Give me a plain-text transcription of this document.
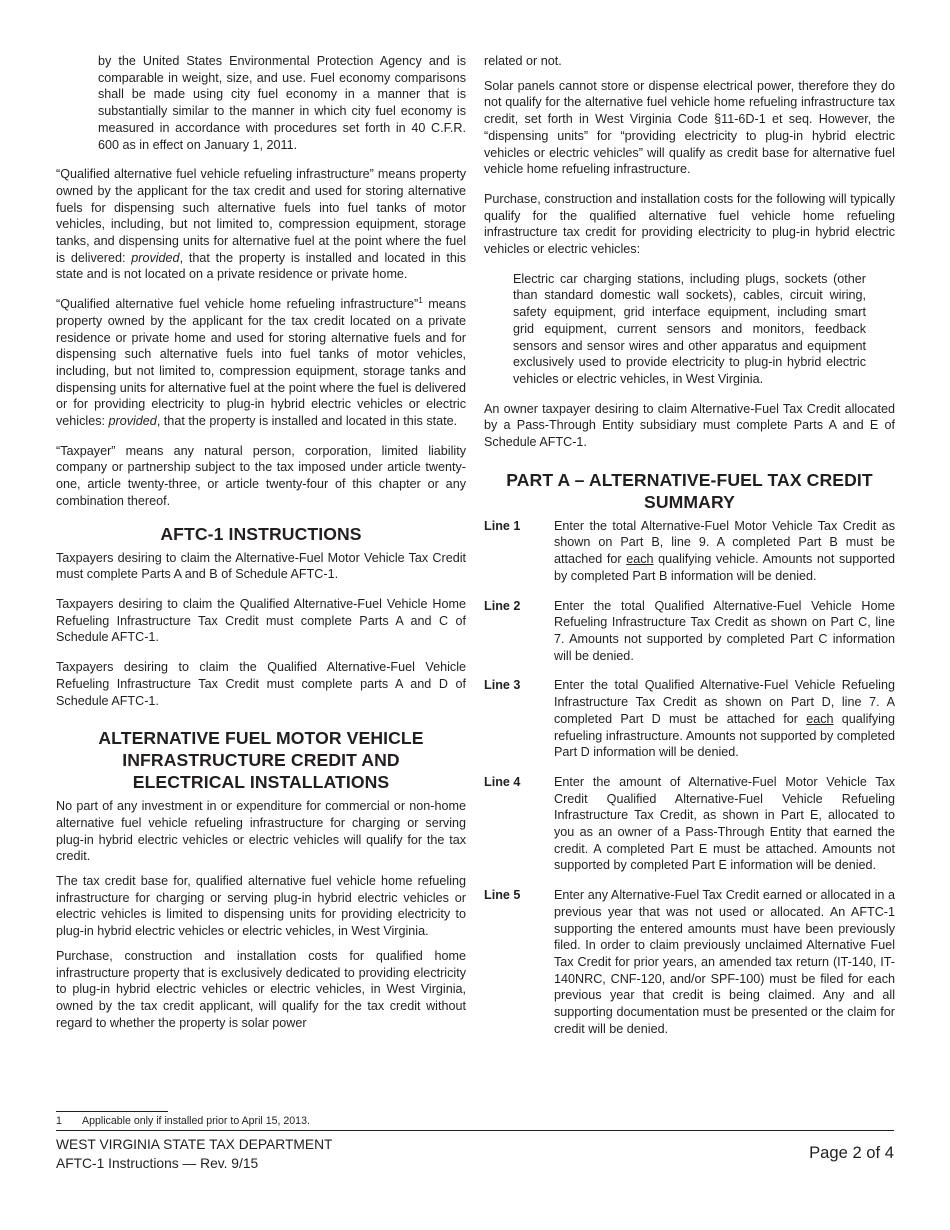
by the United States Environmental Protection Agency and is comparable in weight, size, and use. Fuel economy comparisons shall be made using city fuel economy in a manner that is substantially similar to the manner in which city fuel economy is measured in accordance with procedures set forth in 40 C.F.R. 600 as in effect on January 1, 2011.

“Qualified alternative fuel vehicle refueling infrastructure” means property owned by the applicant for the tax credit and used for storing alternative fuels for dispensing such alternative fuels into fuel tanks of motor vehicles, including, but not limited to, compression equipment, storage tanks, and dispensing units for alternative fuel at the point where the fuel is delivered: provided, that the property is installed and located in this state and is not located on a private residence or private home.

“Qualified alternative fuel vehicle home refueling infrastructure”$^1$ means property owned by the applicant for the tax credit located on a private residence or private home and used for storing alternative fuels and for dispensing such alternative fuels into fuel tanks of motor vehicles, including, but not limited to, compression equipment, storage tanks and dispensing units for alternative fuel at the point where the fuel is delivered or for providing electricity to plug-in hybrid electric vehicles or electric vehicles: provided, that the property is installed and located in this state.

“Taxpayer” means any natural person, corporation, limited liability company or partnership subject to the tax imposed under article twenty-one, article twenty-three, or article twenty-four of this chapter or any combination thereof.

AFTC-1 INSTRUCTIONS

Taxpayers desiring to claim the Alternative-Fuel Motor Vehicle Tax Credit must complete Parts A and B of Schedule AFTC-1.

Taxpayers desiring to claim the Qualified Alternative-Fuel Vehicle Home Refueling Infrastructure Tax Credit must complete Parts A and C of Schedule AFTC-1.

Taxpayers desiring to claim the Qualified Alternative-Fuel Vehicle Refueling Infrastructure Tax Credit must complete parts A and D of Schedule AFTC-1.

ALTERNATIVE FUEL MOTOR VEHICLE
INFRASTRUCTURE CREDIT AND
ELECTRICAL INSTALLATIONS

No part of any investment in or expenditure for commercial or non-home alternative fuel vehicle refueling infrastructure for charging or serving plug-in hybrid electric vehicles or electric vehicles will qualify for the tax credit.

The tax credit base for, qualified alternative fuel vehicle home refueling infrastructure for charging or serving plug-in hybrid electric vehicles or electric vehicles is limited to dispensing units for providing electricity to plug-in hybrid electric vehicles or electric vehicles, in West Virginia.

Purchase, construction and installation costs for qualified home infrastructure property that is exclusively dedicated to providing electricity to plug-in hybrid electric vehicles or electric vehicles, in West Virginia, owned by the tax credit applicant, will qualify for the tax credit without regard to whether the property is solar power

related or not.

Solar panels cannot store or dispense electrical power, therefore they do not qualify for the alternative fuel vehicle home refueling infrastructure tax credit, set forth in West Virginia Code §11-6D-1 et seq. However, the “dispensing units” for “providing electricity to plug-in hybrid electric vehicles or electric vehicles” will qualify as credit base for alternative fuel vehicle home refueling infrastructure.

Purchase, construction and installation costs for the following will typically qualify for the qualified alternative fuel vehicle home refueling infrastructure tax credit for providing electricity to plug-in hybrid electric vehicles or electric vehicles:

Electric car charging stations, including plugs, sockets (other than standard domestic wall sockets), cables, circuit wiring, safety equipment, grid interface equipment, including smart grid equipment, current sensors and monitors, feedback sensors and sensor wires and other apparatus and equipment exclusively used to provide electricity to plug-in hybrid electric vehicles or electric vehicles, in West Virginia.

An owner taxpayer desiring to claim Alternative-Fuel Tax Credit allocated by a Pass-Through Entity subsidiary must complete Parts A and E of Schedule AFTC-1.

PART A – ALTERNATIVE-FUEL TAX CREDIT
SUMMARY
Line 1	Enter the total Alternative-Fuel Motor Vehicle Tax Credit as shown on Part B, line 9. A completed Part B must be attached for each qualifying vehicle. Amounts not supported by completed Part B information will be denied.
Line 2	Enter the total Qualified Alternative-Fuel Vehicle Home Refueling Infrastructure Tax Credit as shown on Part C, line 7. Amounts not supported by completed Part C information will be denied.
Line 3	Enter the total Qualified Alternative-Fuel Vehicle Refueling Infrastructure Tax Credit as shown on Part D, line 7. A completed Part D must be attached for each qualifying refueling infrastructure. Amounts not supported by completed Part D information will be denied.
Line 4	Enter the amount of Alternative-Fuel Motor Vehicle Tax Credit Qualified Alternative-Fuel Vehicle Refueling Infrastructure Tax Credit, as shown in Part E, allocated to you as an owner of a Pass-Through Entity that earned the credit. A completed Part E must be attached. Amounts not supported by completed Part E information will be denied.
Line 5	Enter any Alternative-Fuel Tax Credit earned or allocated in a previous year that was not used or allocated. An AFTC-1 supporting the entered amounts must have been previously filed. In order to claim previously unclaimed Alternative Fuel Tax Credit for prior years, an amended tax return (IT-140, IT-140NRC, CNF-120, and/or SPF-100) must be filed for each previous year that credit is being claimed. Any and all supporting documentation must be presented or the claim for credit will be denied.
1 Applicable only if installed prior to April 15, 2013.
WEST VIRGINIA STATE TAX DEPARTMENT
AFTC-1 Instructions — Rev. 9/15
Page 2 of 4
